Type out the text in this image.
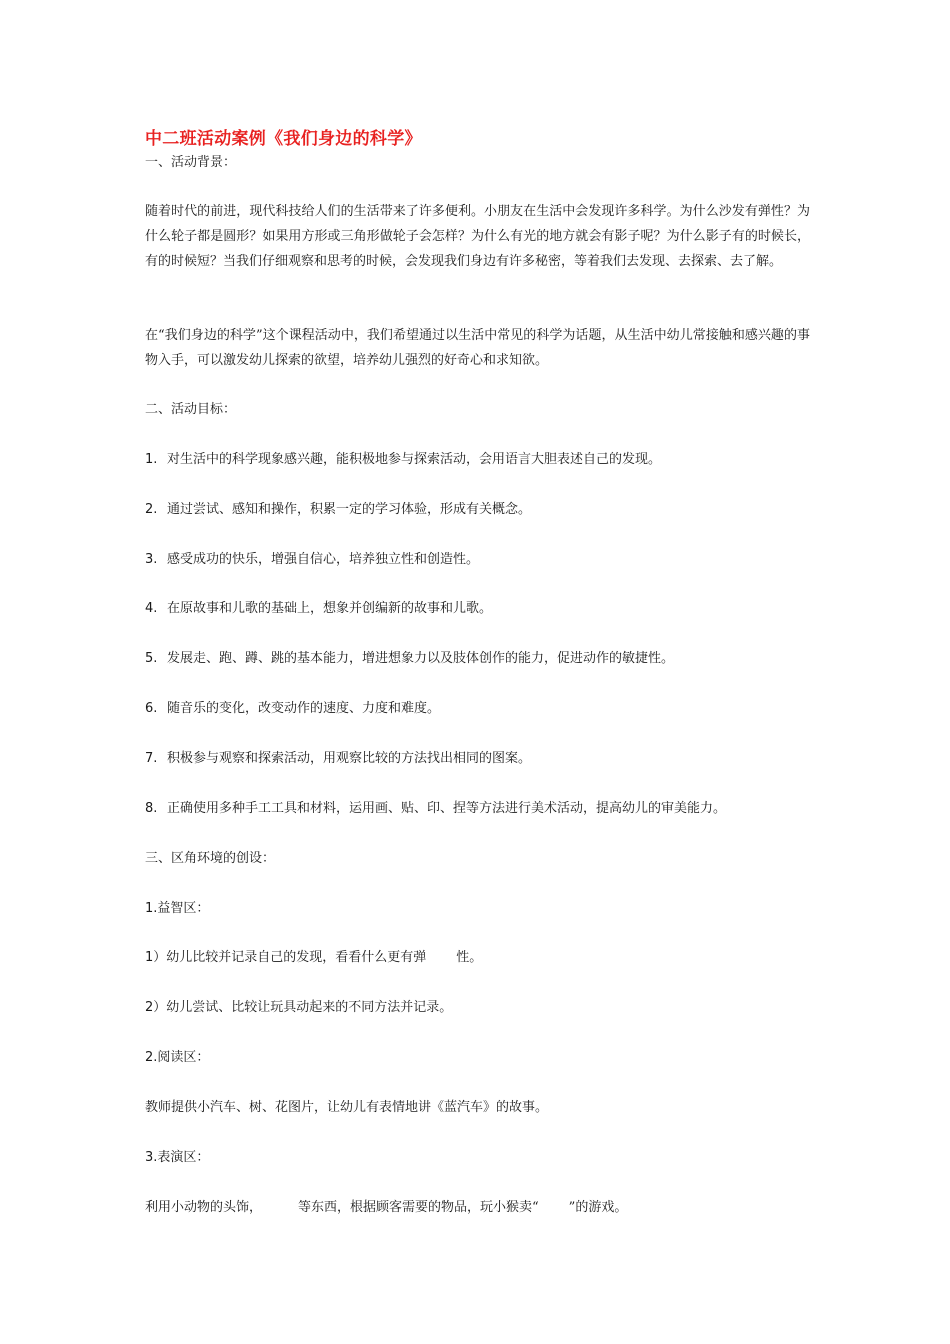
中二班活动案例《我们身边的科学》
一、活动背景：
随着时代的前进，现代科技给人们的生活带来了许多便利。小朋友在生活中会发现许多科学。为什么沙发有弹性？为什么轮子都是圆形？如果用方形或三角形做轮子会怎样？为什么有光的地方就会有影子呢？为什么影子有的时候长，有的时候短？当我们仔细观察和思考的时候，会发现我们身边有许多秘密，等着我们去发现、去探索、去了解。
在“我们身边的科学”这个课程活动中，我们希望通过以生活中常见的科学为话题，从生活中幼儿常接触和感兴趣的事物入手，可以激发幼儿探索的欲望，培养幼儿强烈的好奇心和求知欲。
二、活动目标：
1. 对生活中的科学现象感兴趣，能积极地参与探索活动，会用语言大胆表述自己的发现。
2. 通过尝试、感知和操作，积累一定的学习体验，形成有关概念。
3. 感受成功的快乐，增强自信心，培养独立性和创造性。
4. 在原故事和儿歌的基础上，想象并创编新的故事和儿歌。
5. 发展走、跑、蹲、跳的基本能力，增进想象力以及肢体创作的能力，促进动作的敏捷性。
6. 随音乐的变化，改变动作的速度、力度和难度。
7. 积极参与观察和探索活动，用观察比较的方法找出相同的图案。
8. 正确使用多种手工工具和材料，运用画、贴、印、捏等方法进行美术活动，提高幼儿的审美能力。
三、区角环境的创设：
1.益智区：
1）幼儿比较并记录自己的发现，看看什么更有弹 性。
2）幼儿尝试、比较让玩具动起来的不同方法并记录。
2.阅读区：
教师提供小汽车、树、花图片，让幼儿有表情地讲《蓝汽车》的故事。
3.表演区：
利用小动物的头饰，	等东西，根据顾客需要的物品，玩小猴卖“ ”的游戏。
